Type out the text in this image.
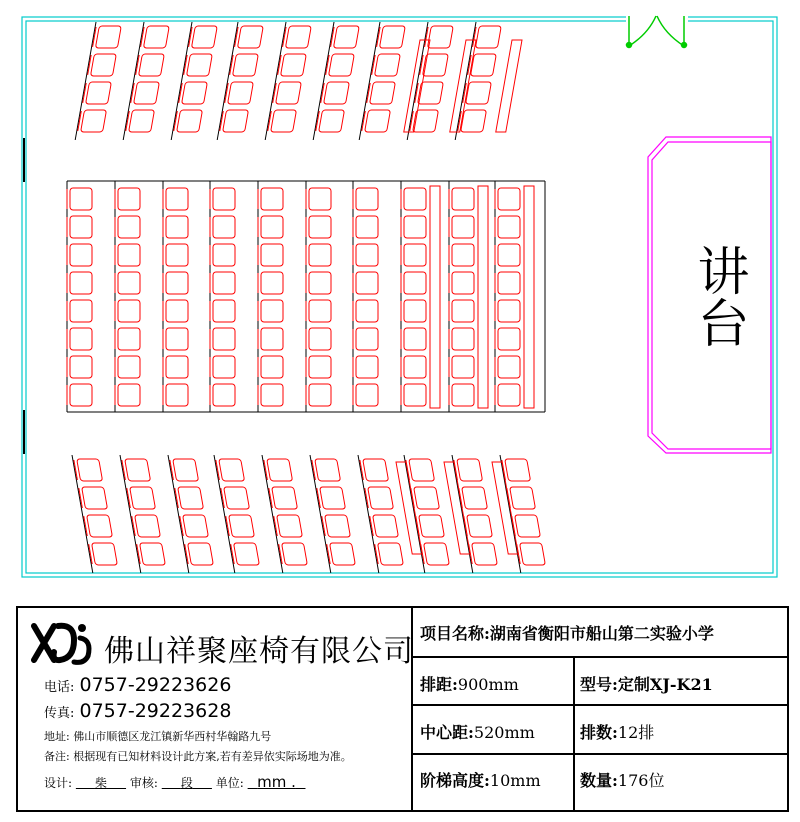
讲台
佛山祥聚座椅有限公司
电话: 0757-29223626
传真: 0757-29223628
地址: 佛山市顺德区龙江镇新华西村华翰路九号
备注: 根据现有已知材料设计此方案,若有差异依实际场地为准。
设计: 柴 审核: 段 单位: mm .
项目名称:湖南省衡阳市船山第二实验小学
排距:900mm	型号:定制XJ-K21
中心距:520mm	排数:12排
阶梯高度:10mm 数量:176位
